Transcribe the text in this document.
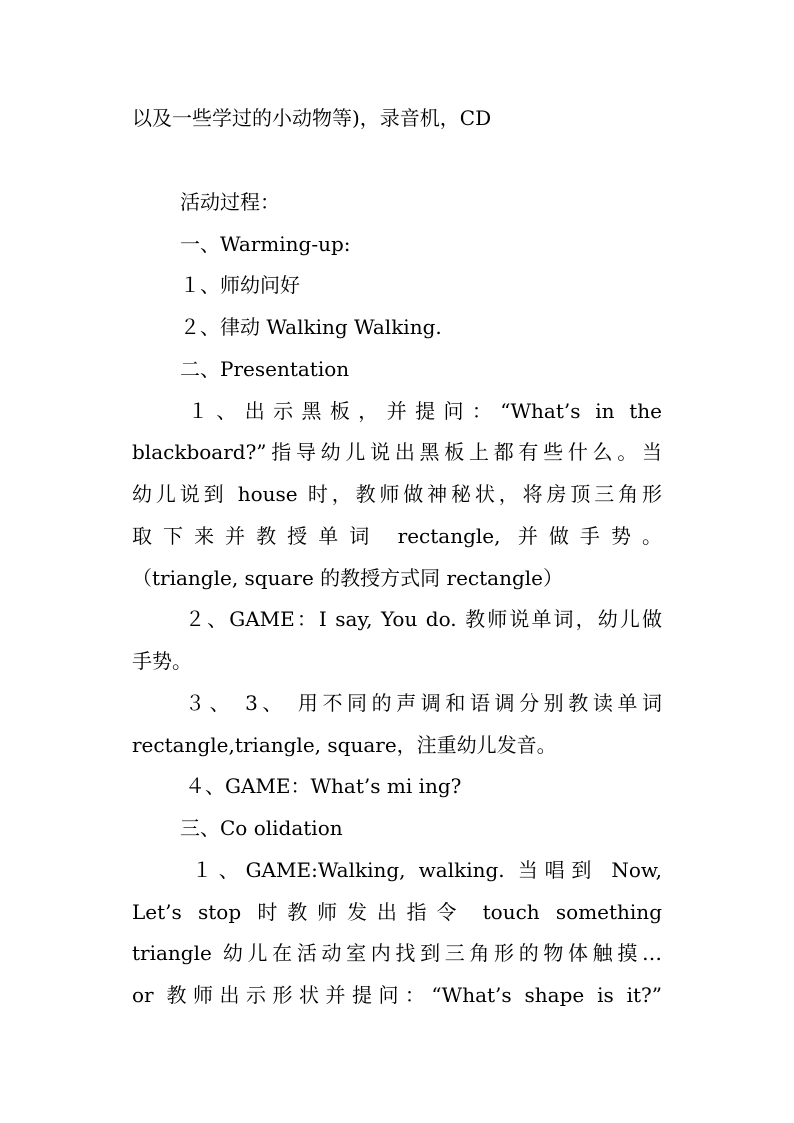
以及一些学过的小动物等)，录音机，CD
活动过程：
一、Warming-up:
１、师幼问好
２、律动 Walking Walking.
二、Presentation
１、出示黑板，并提问：“What’s in the
blackboard?”指导幼儿说出黑板上都有些什么。当
幼儿说到 house 时，教师做神秘状，将房顶三角形
取下来并教授单词 rectangle, 并做手势。
（triangle, square 的教授方式同 rectangle）
２、GAME：I say, You do. 教师说单词，幼儿做
手势。
３、 3、 用不同的声调和语调分别教读单词
rectangle,triangle, square，注重幼儿发音。
４、GAME：What’s mi ing?
三、Co olidation
１、GAME:Walking, walking. 当唱到 Now,
Let’s stop 时教师发出指令 touch something
triangle 幼儿在活动室内找到三角形的物体触摸…
or 教师出示形状并提问：“What’s shape is it?”
